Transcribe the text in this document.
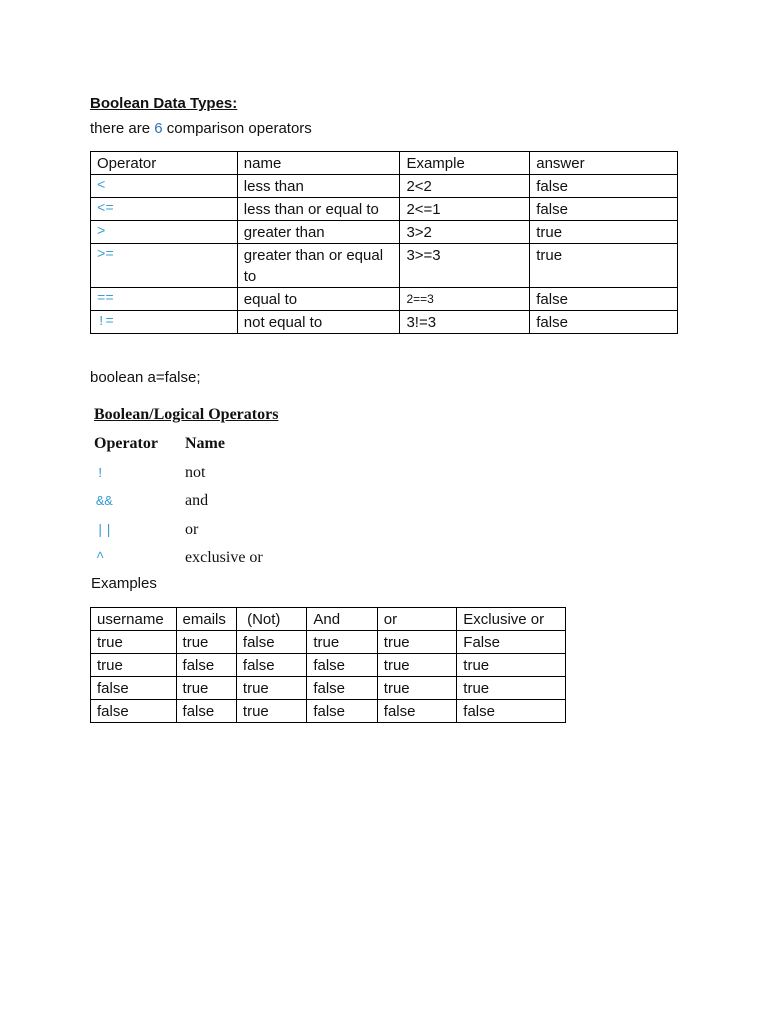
Boolean Data Types:
there are 6 comparison operators
Operator	name	Example	answer
<	less than	2<2	false
<=	less than or equal to	2<=1	false
>	greater than	3>2	true
>=	greater than or equal to	3>=3	true
==	equal to	2==3	false
!=	not equal to	3!=3	false
boolean a=false;
Boolean/Logical Operators
Operator Name
!	not
&&	and
||	or
^	exclusive or
Examples
username	emails	(Not)	And	or	Exclusive or
true	true	false	true	true	False
true	false	false	false	true	true
false	true	true	false	true	true
false	false	true	false	false	false
